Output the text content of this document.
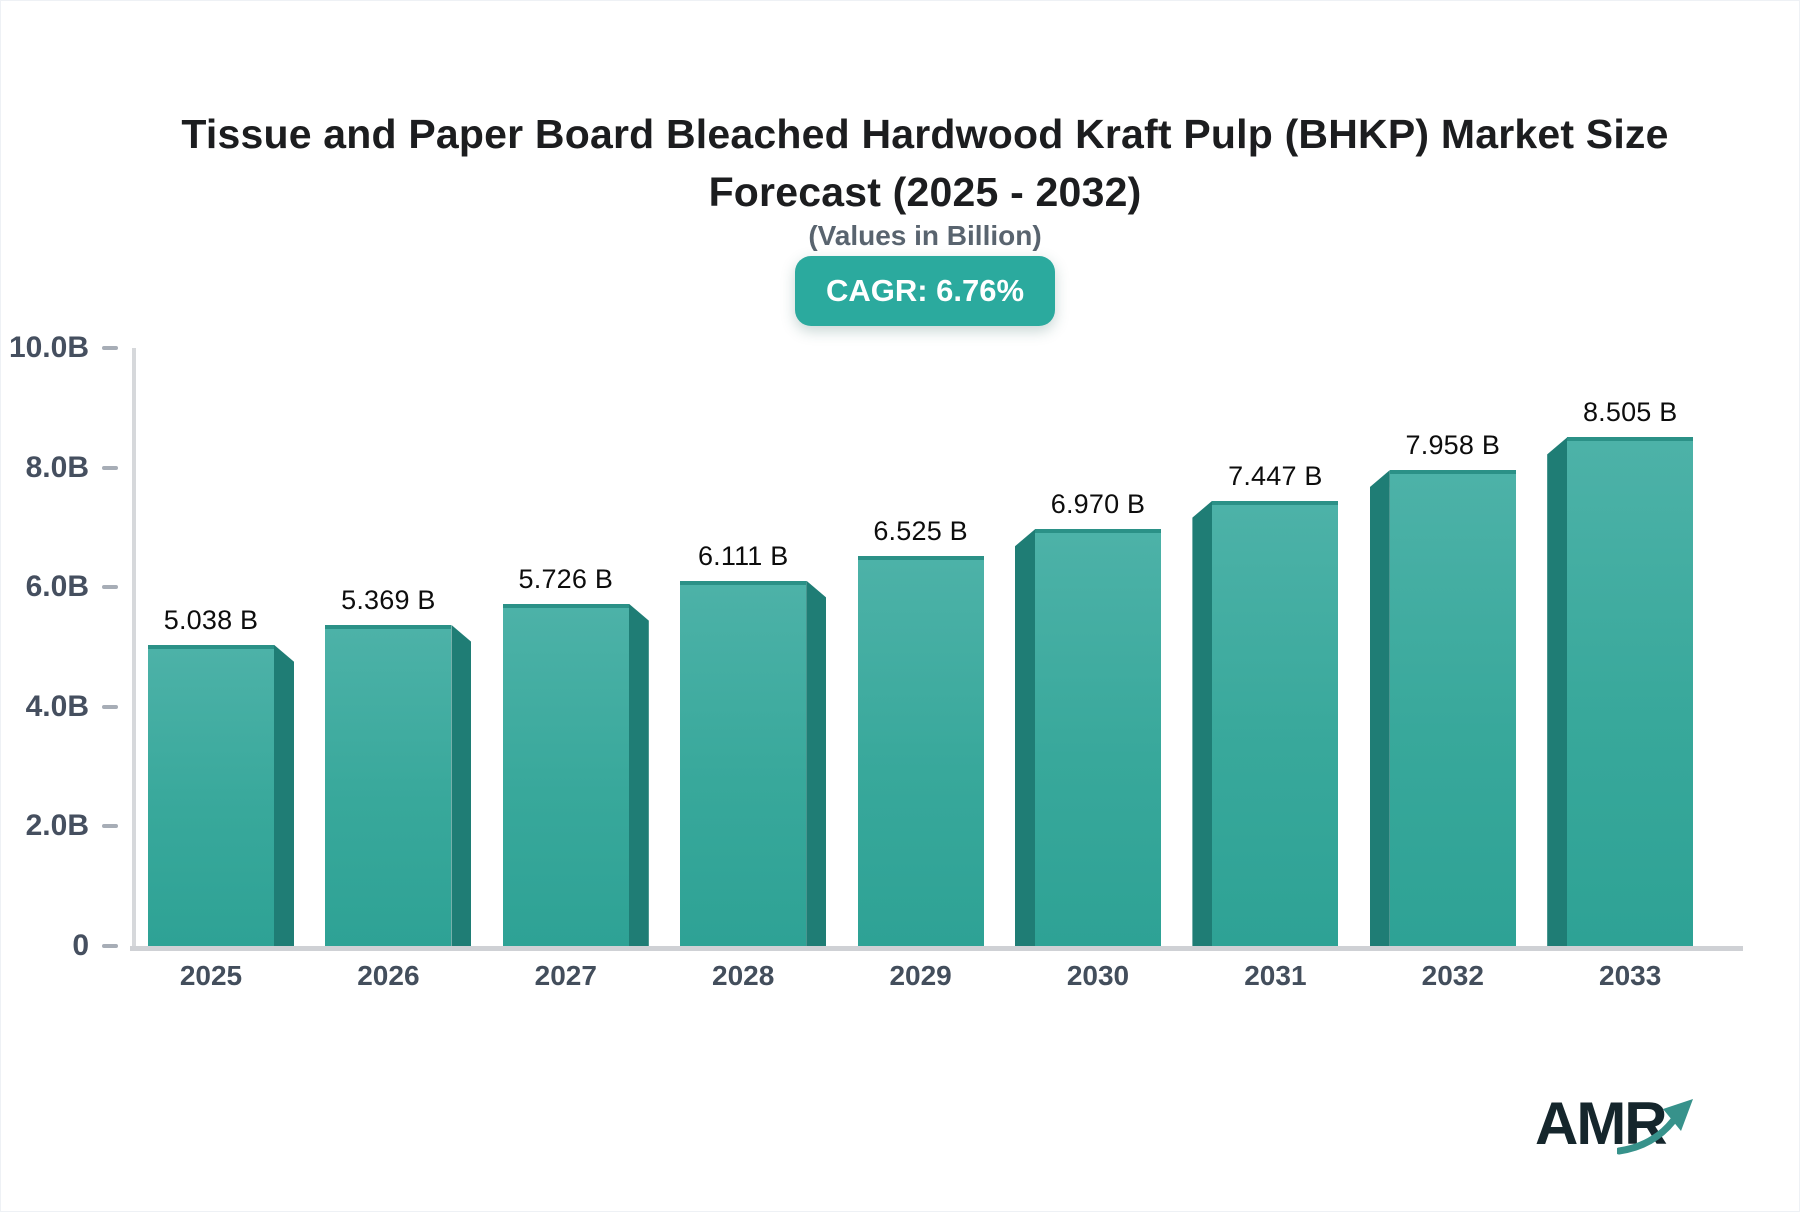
Tissue and Paper Board Bleached Hardwood Kraft Pulp (BHKP) Market Size
Forecast (2025 - 2032)
(Values in Billion)
CAGR: 6.76%
10.0B
8.0B
6.0B
4.0B
2.0B
0
5.038 B
5.369 B
5.726 B
6.111 B
6.525 B
6.970 B
7.447 B
7.958 B
8.505 B
2025	2026	2027	2028	2029	2030	2031	2032	2033
AMR
